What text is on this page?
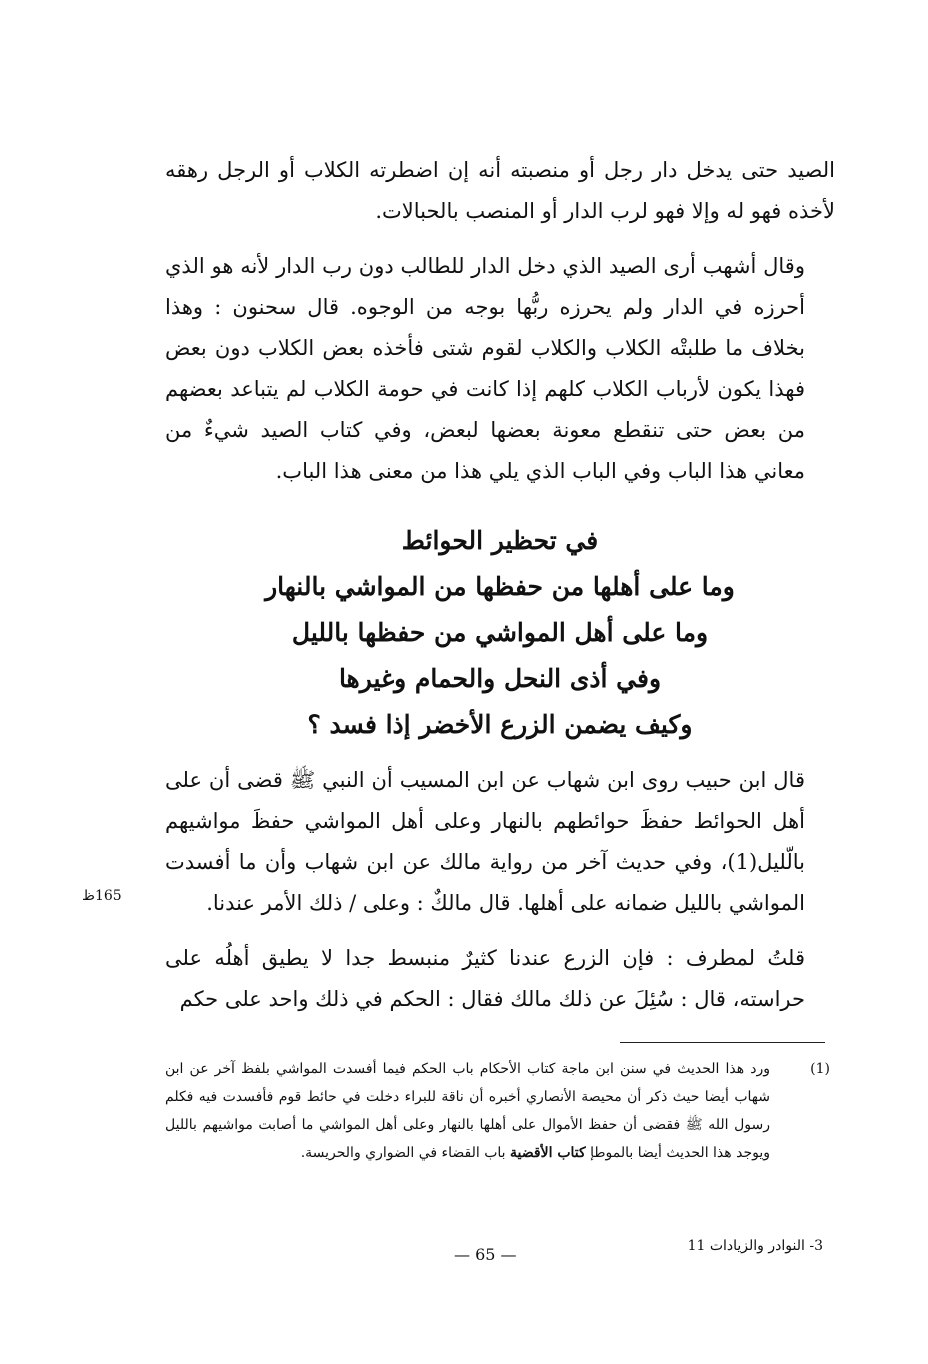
الصيد حتى يدخل دار رجل أو منصبته أنه إن اضطرته الكلاب أو الرجل رهقه لأخذه فهو له وإلا فهو لرب الدار أو المنصب بالحبالات.

وقال أشهب أرى الصيد الذي دخل الدار للطالب دون رب الدار لأنه هو الذي أحرزه في الدار ولم يحرزه ربُّها بوجه من الوجوه. قال سحنون : وهذا بخلاف ما طلبتْه الكلاب والكلاب لقوم شتى فأخذه بعض الكلاب دون بعض فهذا يكون لأرباب الكلاب كلهم إذا كانت في حومة الكلاب لم يتباعد بعضهم من بعض حتى تنقطع معونة بعضها لبعض، وفي كتاب الصيد شيءٌ من معاني هذا الباب وفي الباب الذي يلي هذا من معنى هذا الباب.

في تحظير الحوائط
وما على أهلها من حفظها من المواشي بالنهار
وما على أهل المواشي من حفظها بالليل
وفي أذى النحل والحمام وغيرها
وكيف يضمن الزرع الأخضر إذا فسد ؟

قال ابن حبيب روى ابن شهاب عن ابن المسيب أن النبي ﷺ قضى أن على أهل الحوائط حفظَ حوائطهم بالنهار وعلى أهل المواشي حفظَ مواشيهم بالّليل(1)، وفي حديث آخر من رواية مالك عن ابن شهاب وأن ما أفسدت المواشي بالليل ضمانه على أهلها. قال مالكٌ : وعلى / ذلك الأمر عندنا.

قلتُ لمطرف : فإن الزرع عندنا كثيرٌ منبسط جدا لا يطيق أهلُه على حراسته، قال : سُئِلَ عن ذلك مالك فقال : الحكم في ذلك واحد على حكم

165ظ
(1)
ورد هذا الحديث في سنن ابن ماجة كتاب الأحكام باب الحكم فيما أفسدت المواشي بلفظ آخر عن ابن شهاب أيضا حيث ذكر أن محيصة الأنصاري أخبره أن ناقة للبراء دخلت في حائط قوم فأفسدت فيه فكلم رسول الله ﷺ فقضى أن حفظ الأموال على أهلها بالنهار وعلى أهل المواشي ما أصابت مواشيهم بالليل ويوجد هذا الحديث أيضا بالموطإ كتاب الأقضية باب القضاء في الضواري والحريسة.
— 65 —	3- النوادر والزيادات 11
